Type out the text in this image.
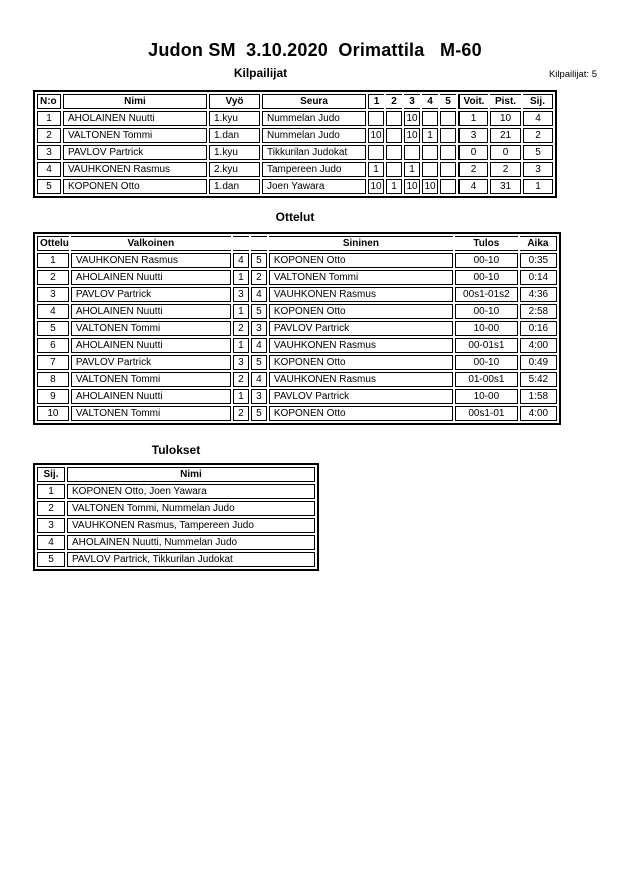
Judon SM  3.10.2020  Orimattila   M-60
Kilpailijat	Kilpailijat: 5
N:o	Nimi	Vyö	Seura	1	2	3	4	5	Voit.	Pist.	Sij.
1	AHOLAINEN Nuutti	1.kyu	Nummelan Judo			10			1	10	4
2	VALTONEN Tommi	1.dan	Nummelan Judo	10		10	1		3	21	2
3	PAVLOV Partrick	1.kyu	Tikkurilan Judokat						0	0	5
4	VAUHKONEN Rasmus	2.kyu	Tampereen Judo	1		1			2	2	3
5	KOPONEN Otto	1.dan	Joen Yawara	10	1	10	10		4	31	1
Ottelut
Ottelu	Valkoinen			Sininen	Tulos	Aika
1	VAUHKONEN Rasmus	4	5	KOPONEN Otto	00-10	0:35
2	AHOLAINEN Nuutti	1	2	VALTONEN Tommi	00-10	0:14
3	PAVLOV Partrick	3	4	VAUHKONEN Rasmus	00s1-01s2	4:36
4	AHOLAINEN Nuutti	1	5	KOPONEN Otto	00-10	2:58
5	VALTONEN Tommi	2	3	PAVLOV Partrick	10-00	0:16
6	AHOLAINEN Nuutti	1	4	VAUHKONEN Rasmus	00-01s1	4:00
7	PAVLOV Partrick	3	5	KOPONEN Otto	00-10	0:49
8	VALTONEN Tommi	2	4	VAUHKONEN Rasmus	01-00s1	5:42
9	AHOLAINEN Nuutti	1	3	PAVLOV Partrick	10-00	1:58
10	VALTONEN Tommi	2	5	KOPONEN Otto	00s1-01	4:00
Tulokset
Sij.	Nimi
1	KOPONEN Otto, Joen Yawara
2	VALTONEN Tommi, Nummelan Judo
3	VAUHKONEN Rasmus, Tampereen Judo
4	AHOLAINEN Nuutti, Nummelan Judo
5	PAVLOV Partrick, Tikkurilan Judokat
